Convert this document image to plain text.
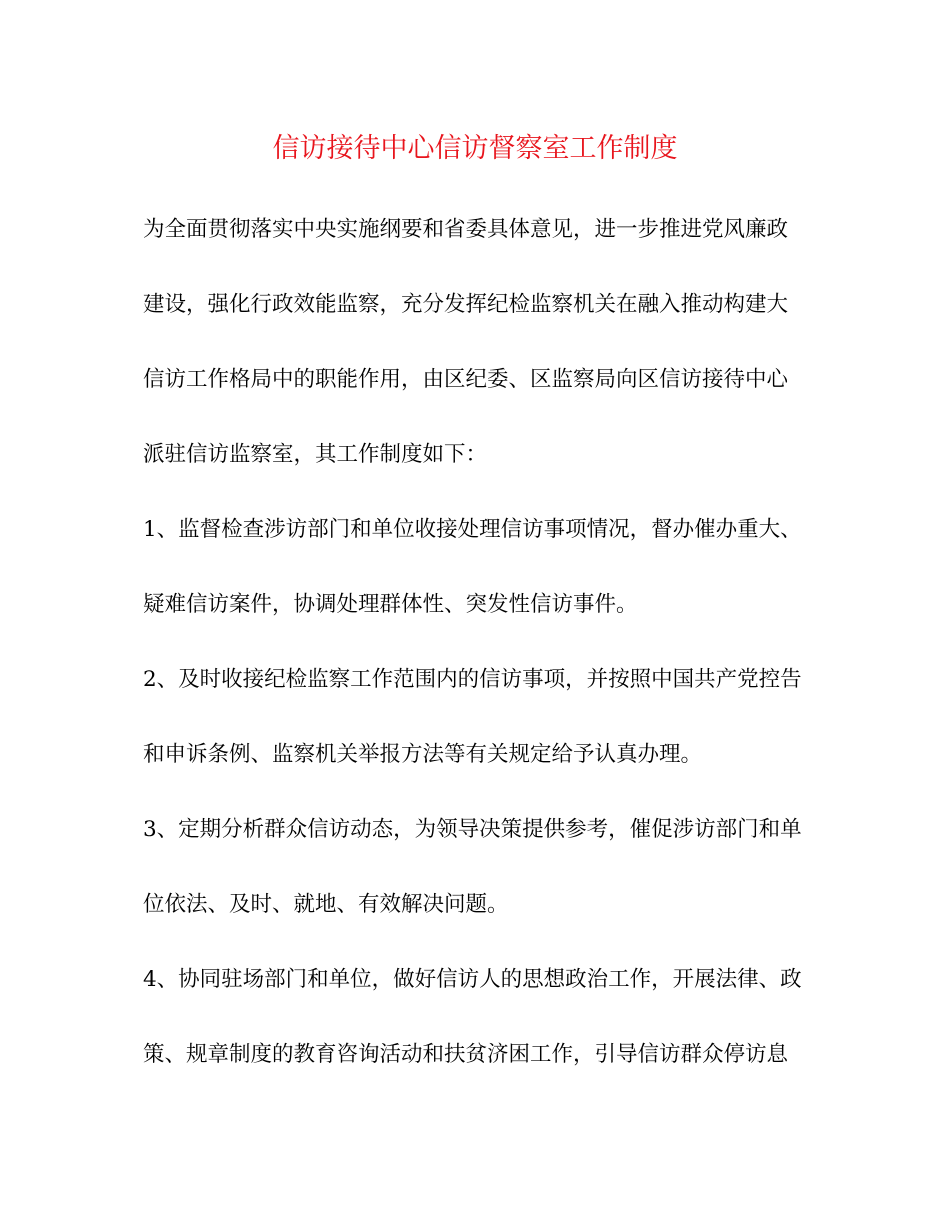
信访接待中心信访督察室工作制度
为全面贯彻落实中央实施纲要和省委具体意见，进一步推进党风廉政
建设，强化行政效能监察，充分发挥纪检监察机关在融入推动构建大
信访工作格局中的职能作用，由区纪委、区监察局向区信访接待中心
派驻信访监察室，其工作制度如下：
1、监督检查涉访部门和单位收接处理信访事项情况，督办催办重大、
疑难信访案件，协调处理群体性、突发性信访事件。
2、及时收接纪检监察工作范围内的信访事项，并按照中国共产党控告
和申诉条例、监察机关举报方法等有关规定给予认真办理。
3、定期分析群众信访动态，为领导决策提供参考，催促涉访部门和单
位依法、及时、就地、有效解决问题。
4、协同驻场部门和单位，做好信访人的思想政治工作，开展法律、政
策、规章制度的教育咨询活动和扶贫济困工作，引导信访群众停访息
